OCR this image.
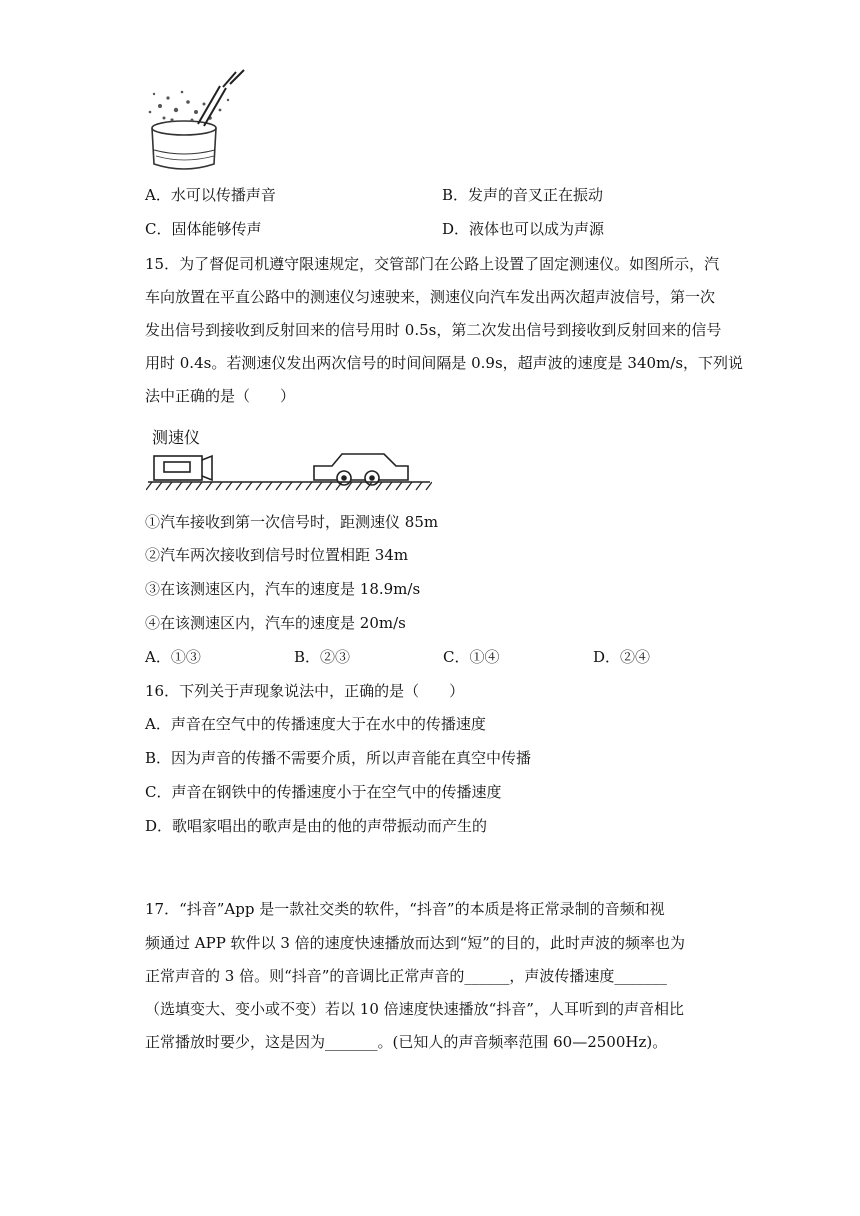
A．水可以传播声音	B．发声的音叉正在振动
C．固体能够传声	D．液体也可以成为声源
15．为了督促司机遵守限速规定，交管部门在公路上设置了固定测速仪。如图所示，汽
车向放置在平直公路中的测速仪匀速驶来，测速仪向汽车发出两次超声波信号，第一次
发出信号到接收到反射回来的信号用时 0.5s，第二次发出信号到接收到反射回来的信号
用时 0.4s。若测速仪发出两次信号的时间间隔是 0.9s，超声波的速度是 340m/s，下列说
法中正确的是（　　）
测速仪
①汽车接收到第一次信号时，距测速仪 85m
②汽车两次接收到信号时位置相距 34m
③在该测速区内，汽车的速度是 18.9m/s
④在该测速区内，汽车的速度是 20m/s
A．①③	B．②③	C．①④	D．②④
16．下列关于声现象说法中，正确的是（　　）
A．声音在空气中的传播速度大于在水中的传播速度
B．因为声音的传播不需要介质，所以声音能在真空中传播
C．声音在钢铁中的传播速度小于在空气中的传播速度
D．歌唱家唱出的歌声是由的他的声带振动而产生的
17．“抖音”App 是一款社交类的软件，“抖音”的本质是将正常录制的音频和视
频通过 APP 软件以 3 倍的速度快速播放而达到“短”的目的，此时声波的频率也为
正常声音的 3 倍。则“抖音”的音调比正常声音的______，声波传播速度_______
（选填变大、变小或不变）若以 10 倍速度快速播放“抖音”，人耳听到的声音相比
正常播放时要少，这是因为_______。(已知人的声音频率范围 60—2500Hz)。
